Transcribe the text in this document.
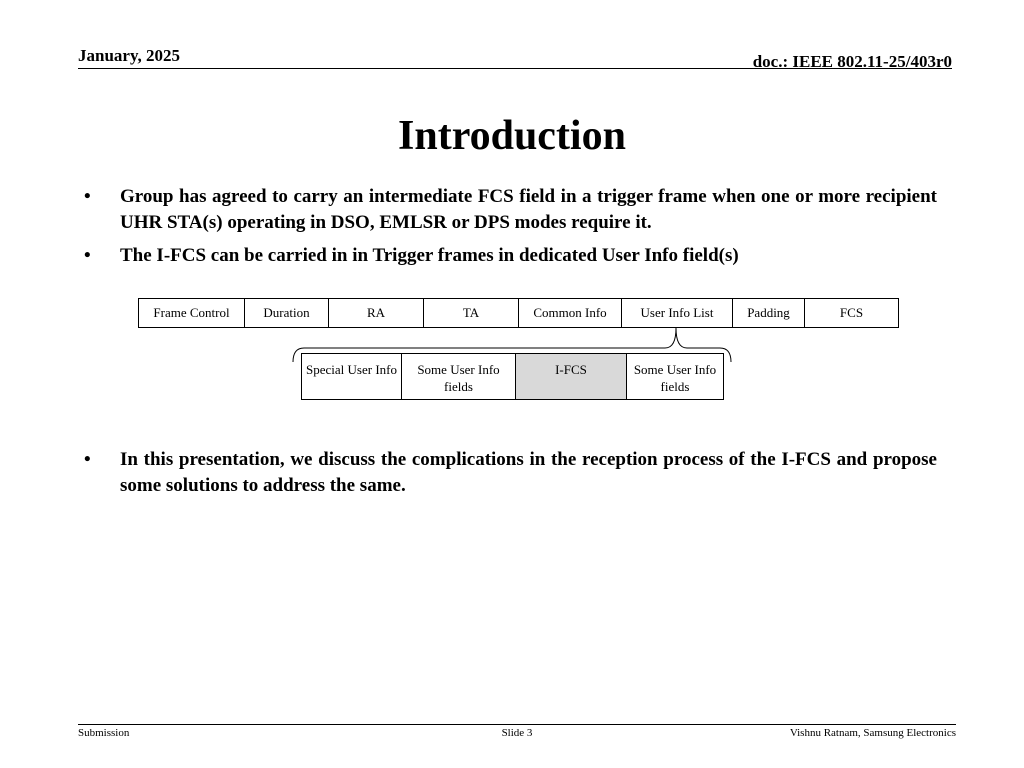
January, 2025	doc.: IEEE 802.11-25/403r0
Introduction
•	Group has agreed to carry an intermediate FCS field in a trigger frame when one or more recipient UHR STA(s) operating in DSO, EMLSR or DPS modes require it.
•	The I-FCS can be carried in in Trigger frames in dedicated User Info field(s)
Frame Control	Duration	RA	TA	Common Info	User Info List	Padding	FCS
Special User Info	Some User Info fields
I-FCS	Some User Info fields
•	In this presentation, we discuss the complications in the reception process of the I-FCS and propose some solutions to address the same.
Submission	Slide 3	Vishnu Ratnam, Samsung Electronics
